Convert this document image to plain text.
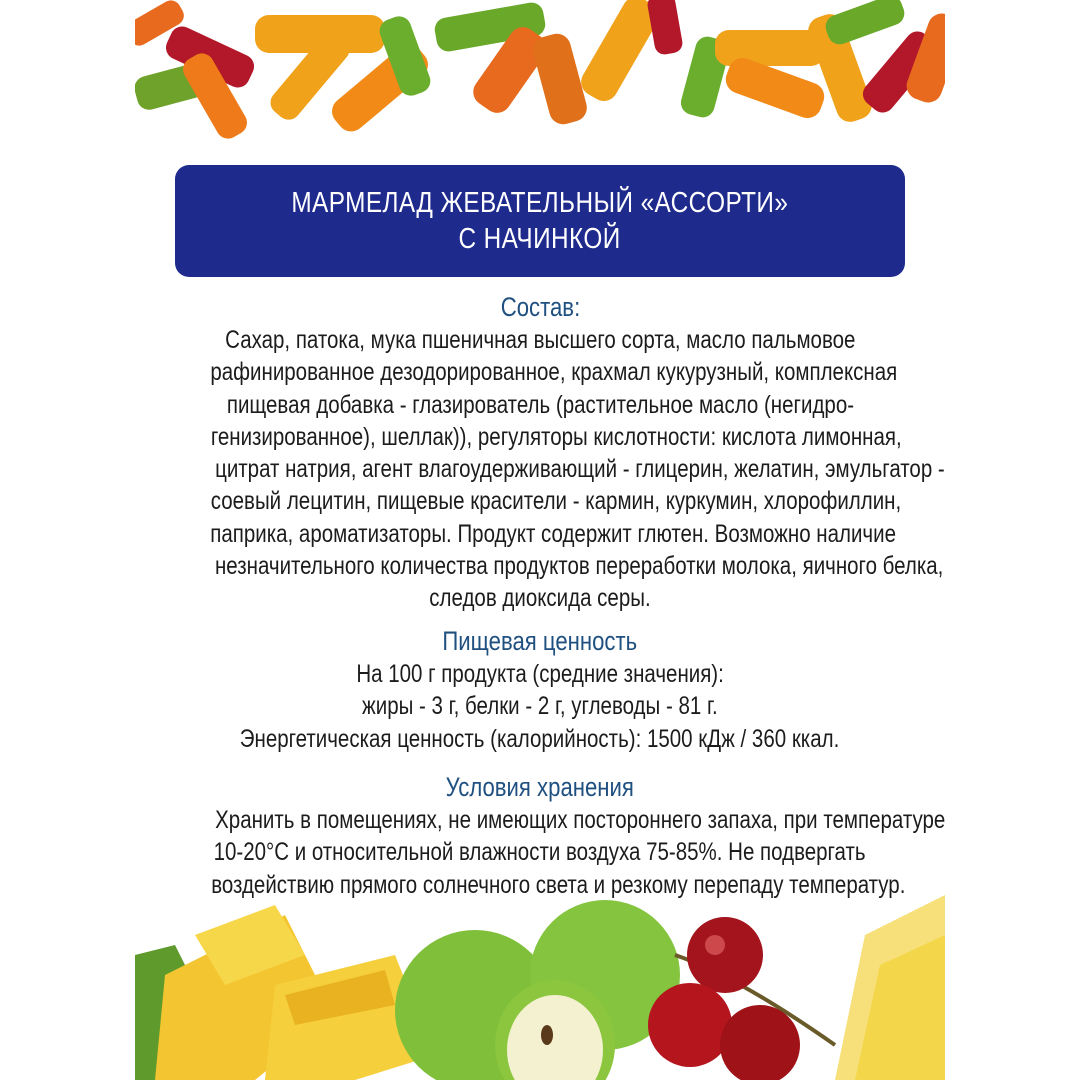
МАРМЕЛАД ЖЕВАТЕЛЬНЫЙ «АССОРТИ»
С НАЧИНКОЙ
Состав:
Сахар, патока, мука пшеничная высшего сорта, масло пальмовое
рафинированное дезодорированное, крахмал кукурузный, комплексная
пищевая добавка - глазирователь (растительное масло (негидро-
генизированное), шеллак)), регуляторы кислотности: кислота лимонная,
цитрат натрия, агент влагоудерживающий - глицерин, желатин, эмульгатор -
соевый лецитин, пищевые красители - кармин, куркумин, хлорофиллин,
паприка, ароматизаторы. Продукт содержит глютен. Возможно наличие
незначительного количества продуктов переработки молока, яичного белка,
следов диоксида серы.
Пищевая ценность
На 100 г продукта (средние значения):
жиры - 3 г, белки - 2 г, углеводы - 81 г.
Энергетическая ценность (калорийность): 1500 кДж / 360 ккал.
Условия хранения
Хранить в помещениях, не имеющих постороннего запаха, при температуре
10-20°С и относительной влажности воздуха 75-85%. Не подвергать
воздействию прямого солнечного света и резкому перепаду температур.
